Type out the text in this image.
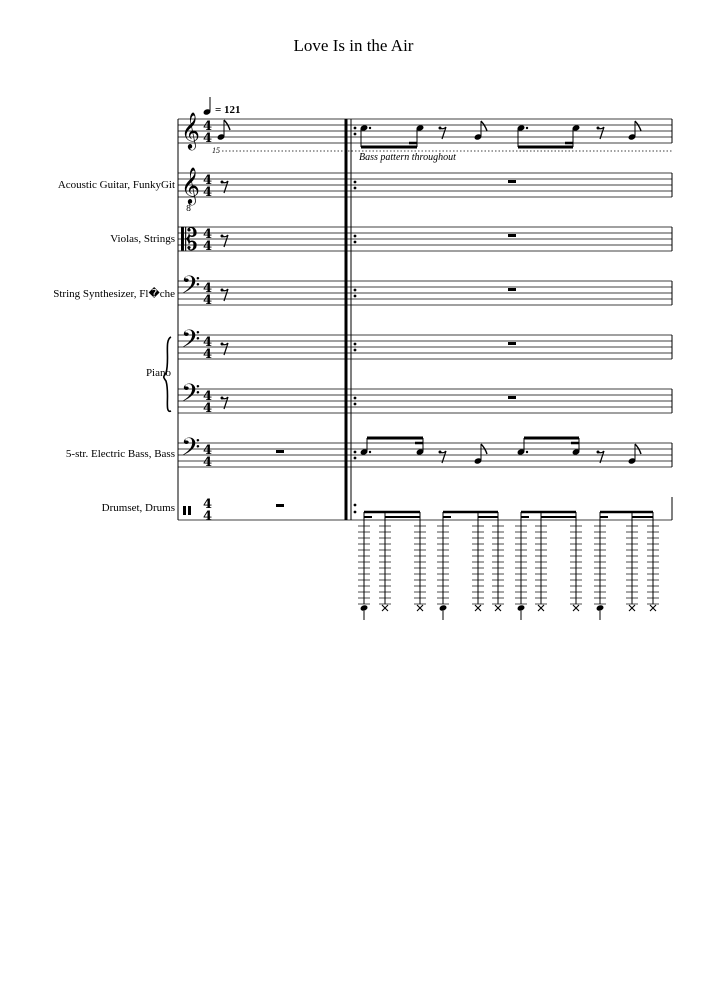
Love Is in the Air
Acoustic Guitar, FunkyGit
Violas, Strings
String Synthesizer, Fl�che
Piano
5-str. Electric Bass, Bass
Drumset, Drums
= 121
Bass pattern throughout
15
𝄞
𝄞
8
𝄡
𝄢
𝄢
𝄢
𝄢
4
4
4
4
4
4
4
4
4
4
4
4
4
4
4
4
